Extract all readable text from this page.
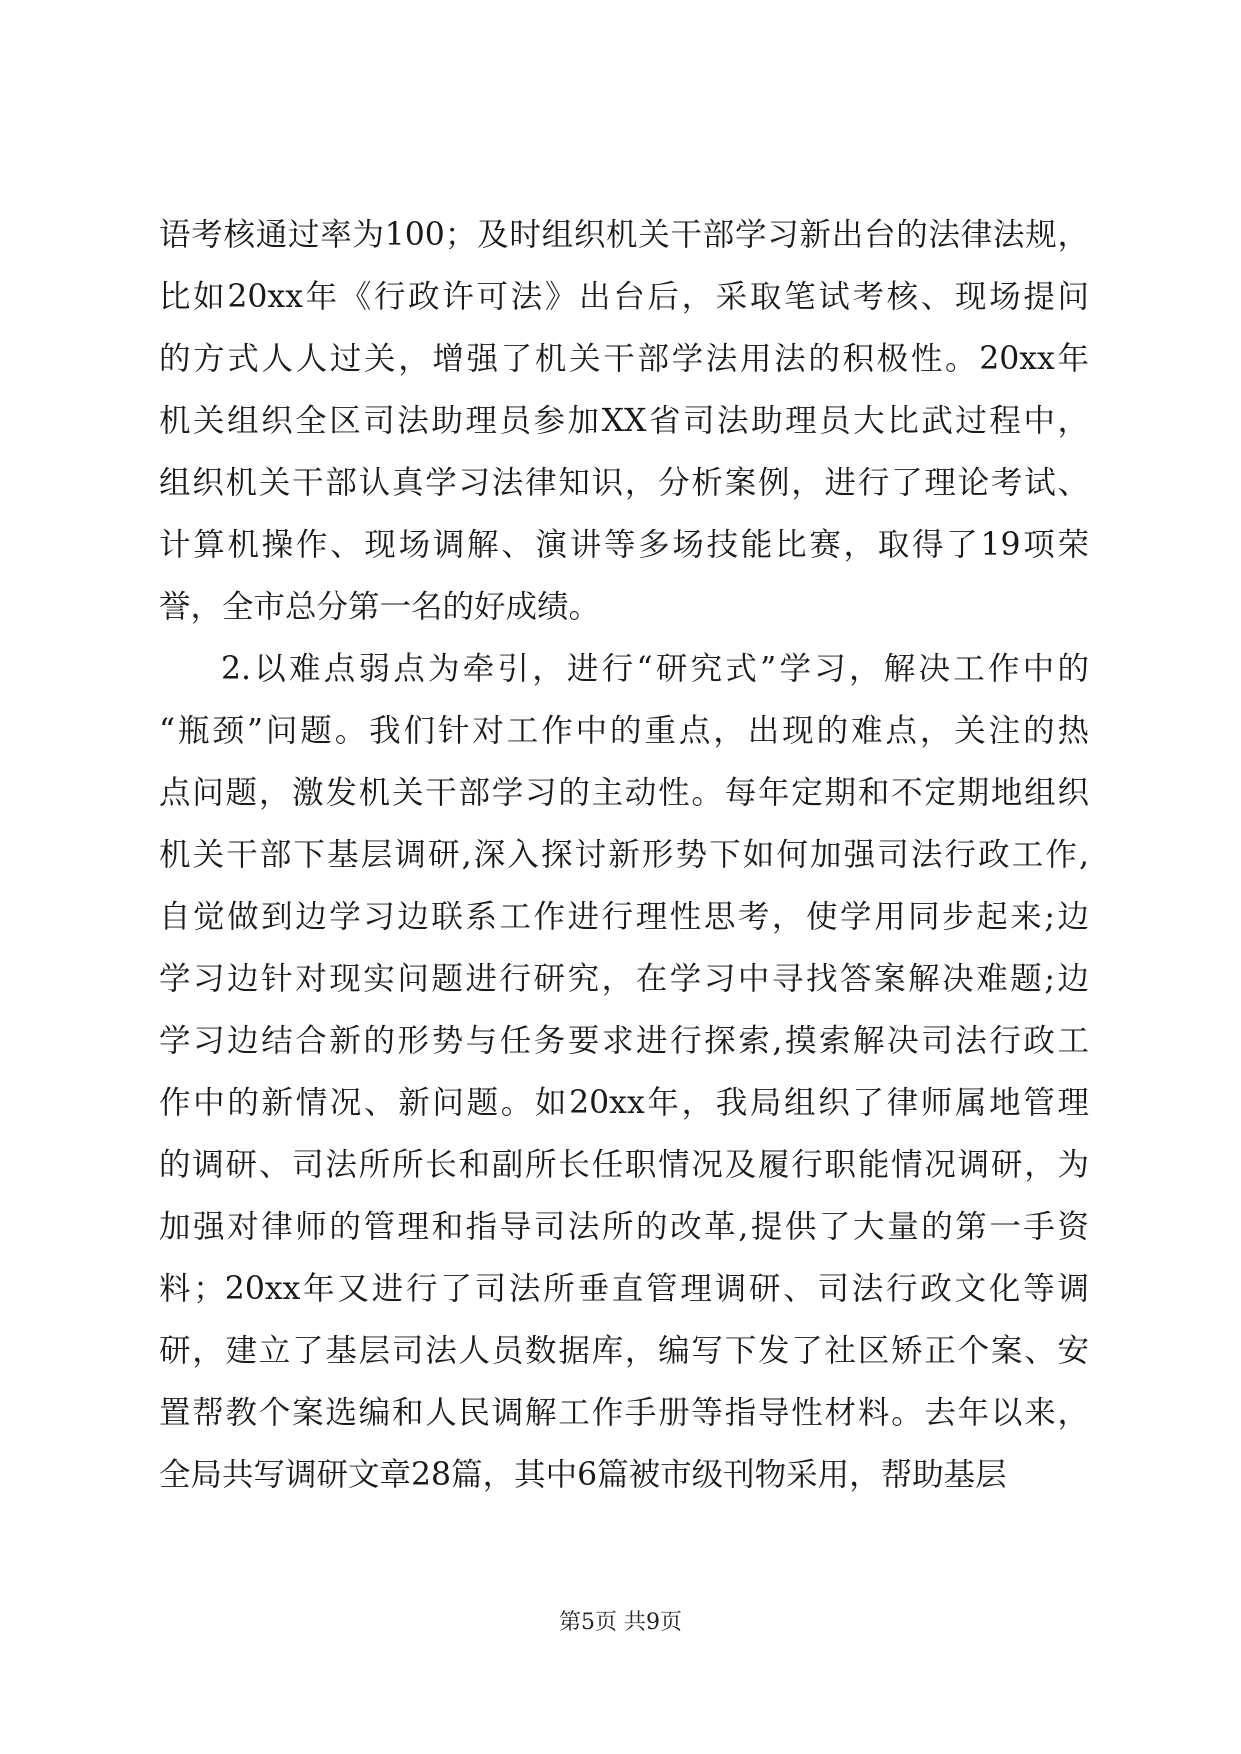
语考核通过率为100；及时组织机关干部学习新出台的法律法规，
比如20xx年《行政许可法》出台后，采取笔试考核、现场提问
的方式人人过关，增强了机关干部学法用法的积极性。20xx年
机关组织全区司法助理员参加XX省司法助理员大比武过程中，
组织机关干部认真学习法律知识，分析案例，进行了理论考试、
计算机操作、现场调解、演讲等多场技能比赛，取得了19项荣
誉，全市总分第一名的好成绩。
2.以难点弱点为牵引，进行“研究式”学习，解决工作中的
“瓶颈”问题。我们针对工作中的重点，出现的难点，关注的热
点问题，激发机关干部学习的主动性。每年定期和不定期地组织
机关干部下基层调研,深入探讨新形势下如何加强司法行政工作,
自觉做到边学习边联系工作进行理性思考，使学用同步起来;边
学习边针对现实问题进行研究，在学习中寻找答案解决难题;边
学习边结合新的形势与任务要求进行探索,摸索解决司法行政工
作中的新情况、新问题。如20xx年，我局组织了律师属地管理
的调研、司法所所长和副所长任职情况及履行职能情况调研，为
加强对律师的管理和指导司法所的改革,提供了大量的第一手资
料；20xx年又进行了司法所垂直管理调研、司法行政文化等调
研，建立了基层司法人员数据库，编写下发了社区矫正个案、安
置帮教个案选编和人民调解工作手册等指导性材料。去年以来，
全局共写调研文章28篇，其中6篇被市级刊物采用，帮助基层
第5页 共9页
